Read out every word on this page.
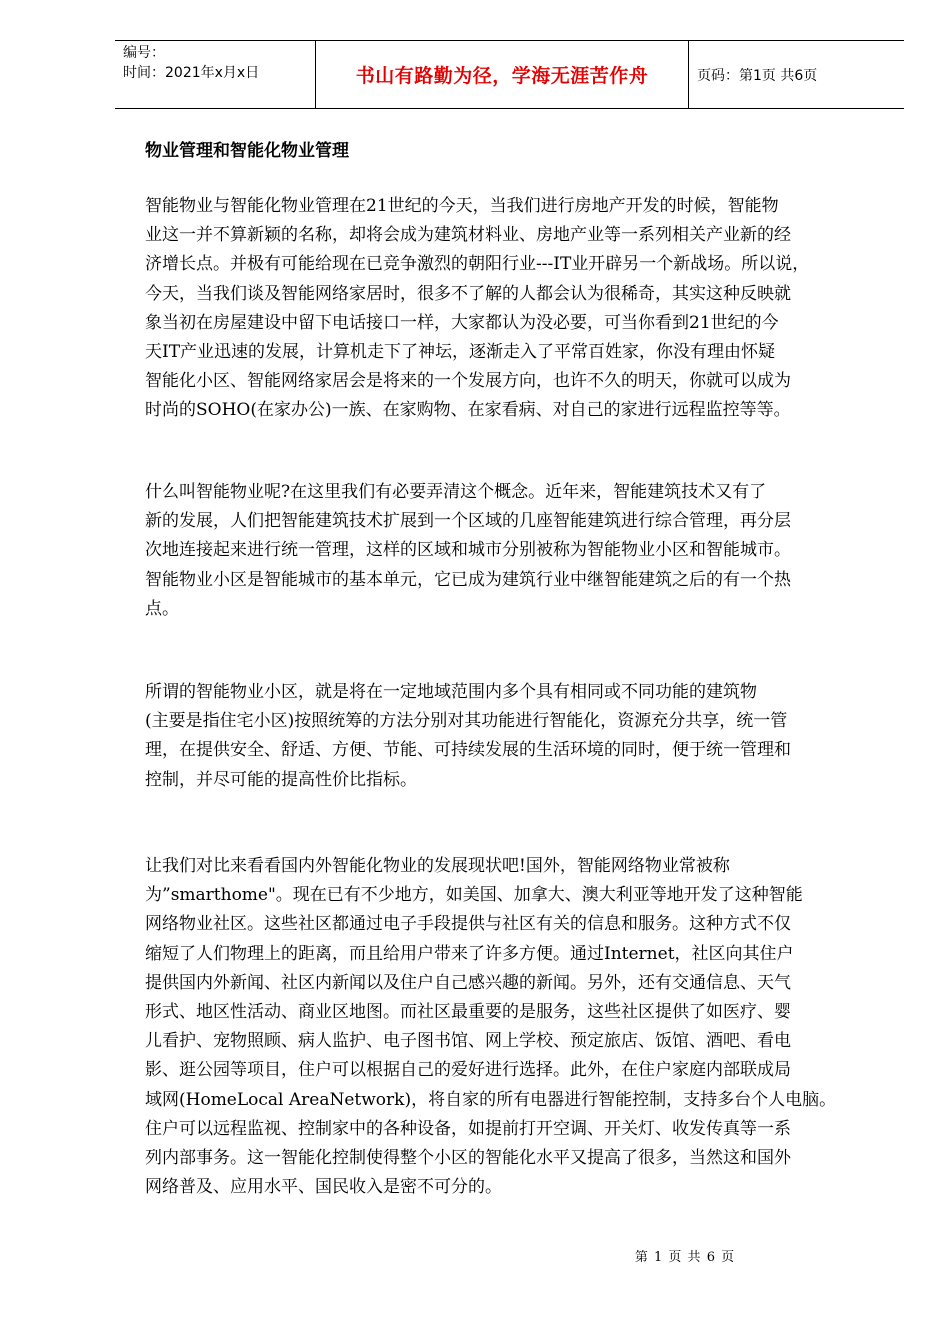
编号：
时间：2021年x月x日	书山有路勤为径，学海无涯苦作舟	页码：第1页 共6页
物业管理和智能化物业管理
智能物业与智能化物业管理在21世纪的今天，当我们进行房地产开发的时候，智能物
业这一并不算新颖的名称，却将会成为建筑材料业、房地产业等一系列相关产业新的经
济增长点。并极有可能给现在已竞争激烈的朝阳行业---IT业开辟另一个新战场。所以说，
今天，当我们谈及智能网络家居时，很多不了解的人都会认为很稀奇，其实这种反映就
象当初在房屋建设中留下电话接口一样，大家都认为没必要，可当你看到21世纪的今
天IT产业迅速的发展，计算机走下了神坛，逐渐走入了平常百姓家，你没有理由怀疑
智能化小区、智能网络家居会是将来的一个发展方向，也许不久的明天，你就可以成为
时尚的SOHO(在家办公)一族、在家购物、在家看病、对自己的家进行远程监控等等。
什么叫智能物业呢?在这里我们有必要弄清这个概念。近年来，智能建筑技术又有了
新的发展，人们把智能建筑技术扩展到一个区域的几座智能建筑进行综合管理，再分层
次地连接起来进行统一管理，这样的区域和城市分别被称为智能物业小区和智能城市。
智能物业小区是智能城市的基本单元，它已成为建筑行业中继智能建筑之后的有一个热
点。
所谓的智能物业小区，就是将在一定地域范围内多个具有相同或不同功能的建筑物
(主要是指住宅小区)按照统筹的方法分别对其功能进行智能化，资源充分共享，统一管
理，在提供安全、舒适、方便、节能、可持续发展的生活环境的同时，便于统一管理和
控制，并尽可能的提高性价比指标。
让我们对比来看看国内外智能化物业的发展现状吧!国外，智能网络物业常被称
为”smarthome"。现在已有不少地方，如美国、加拿大、澳大利亚等地开发了这种智能
网络物业社区。这些社区都通过电子手段提供与社区有关的信息和服务。这种方式不仅
缩短了人们物理上的距离，而且给用户带来了许多方便。通过Internet，社区向其住户
提供国内外新闻、社区内新闻以及住户自己感兴趣的新闻。另外，还有交通信息、天气
形式、地区性活动、商业区地图。而社区最重要的是服务，这些社区提供了如医疗、婴
儿看护、宠物照顾、病人监护、电子图书馆、网上学校、预定旅店、饭馆、酒吧、看电
影、逛公园等项目，住户可以根据自己的爱好进行选择。此外，在住户家庭内部联成局
域网(HomeLocal AreaNetwork)，将自家的所有电器进行智能控制，支持多台个人电脑。
住户可以远程监视、控制家中的各种设备，如提前打开空调、开关灯、收发传真等一系
列内部事务。这一智能化控制使得整个小区的智能化水平又提高了很多，当然这和国外
网络普及、应用水平、国民收入是密不可分的。
第 1 页 共 6 页
